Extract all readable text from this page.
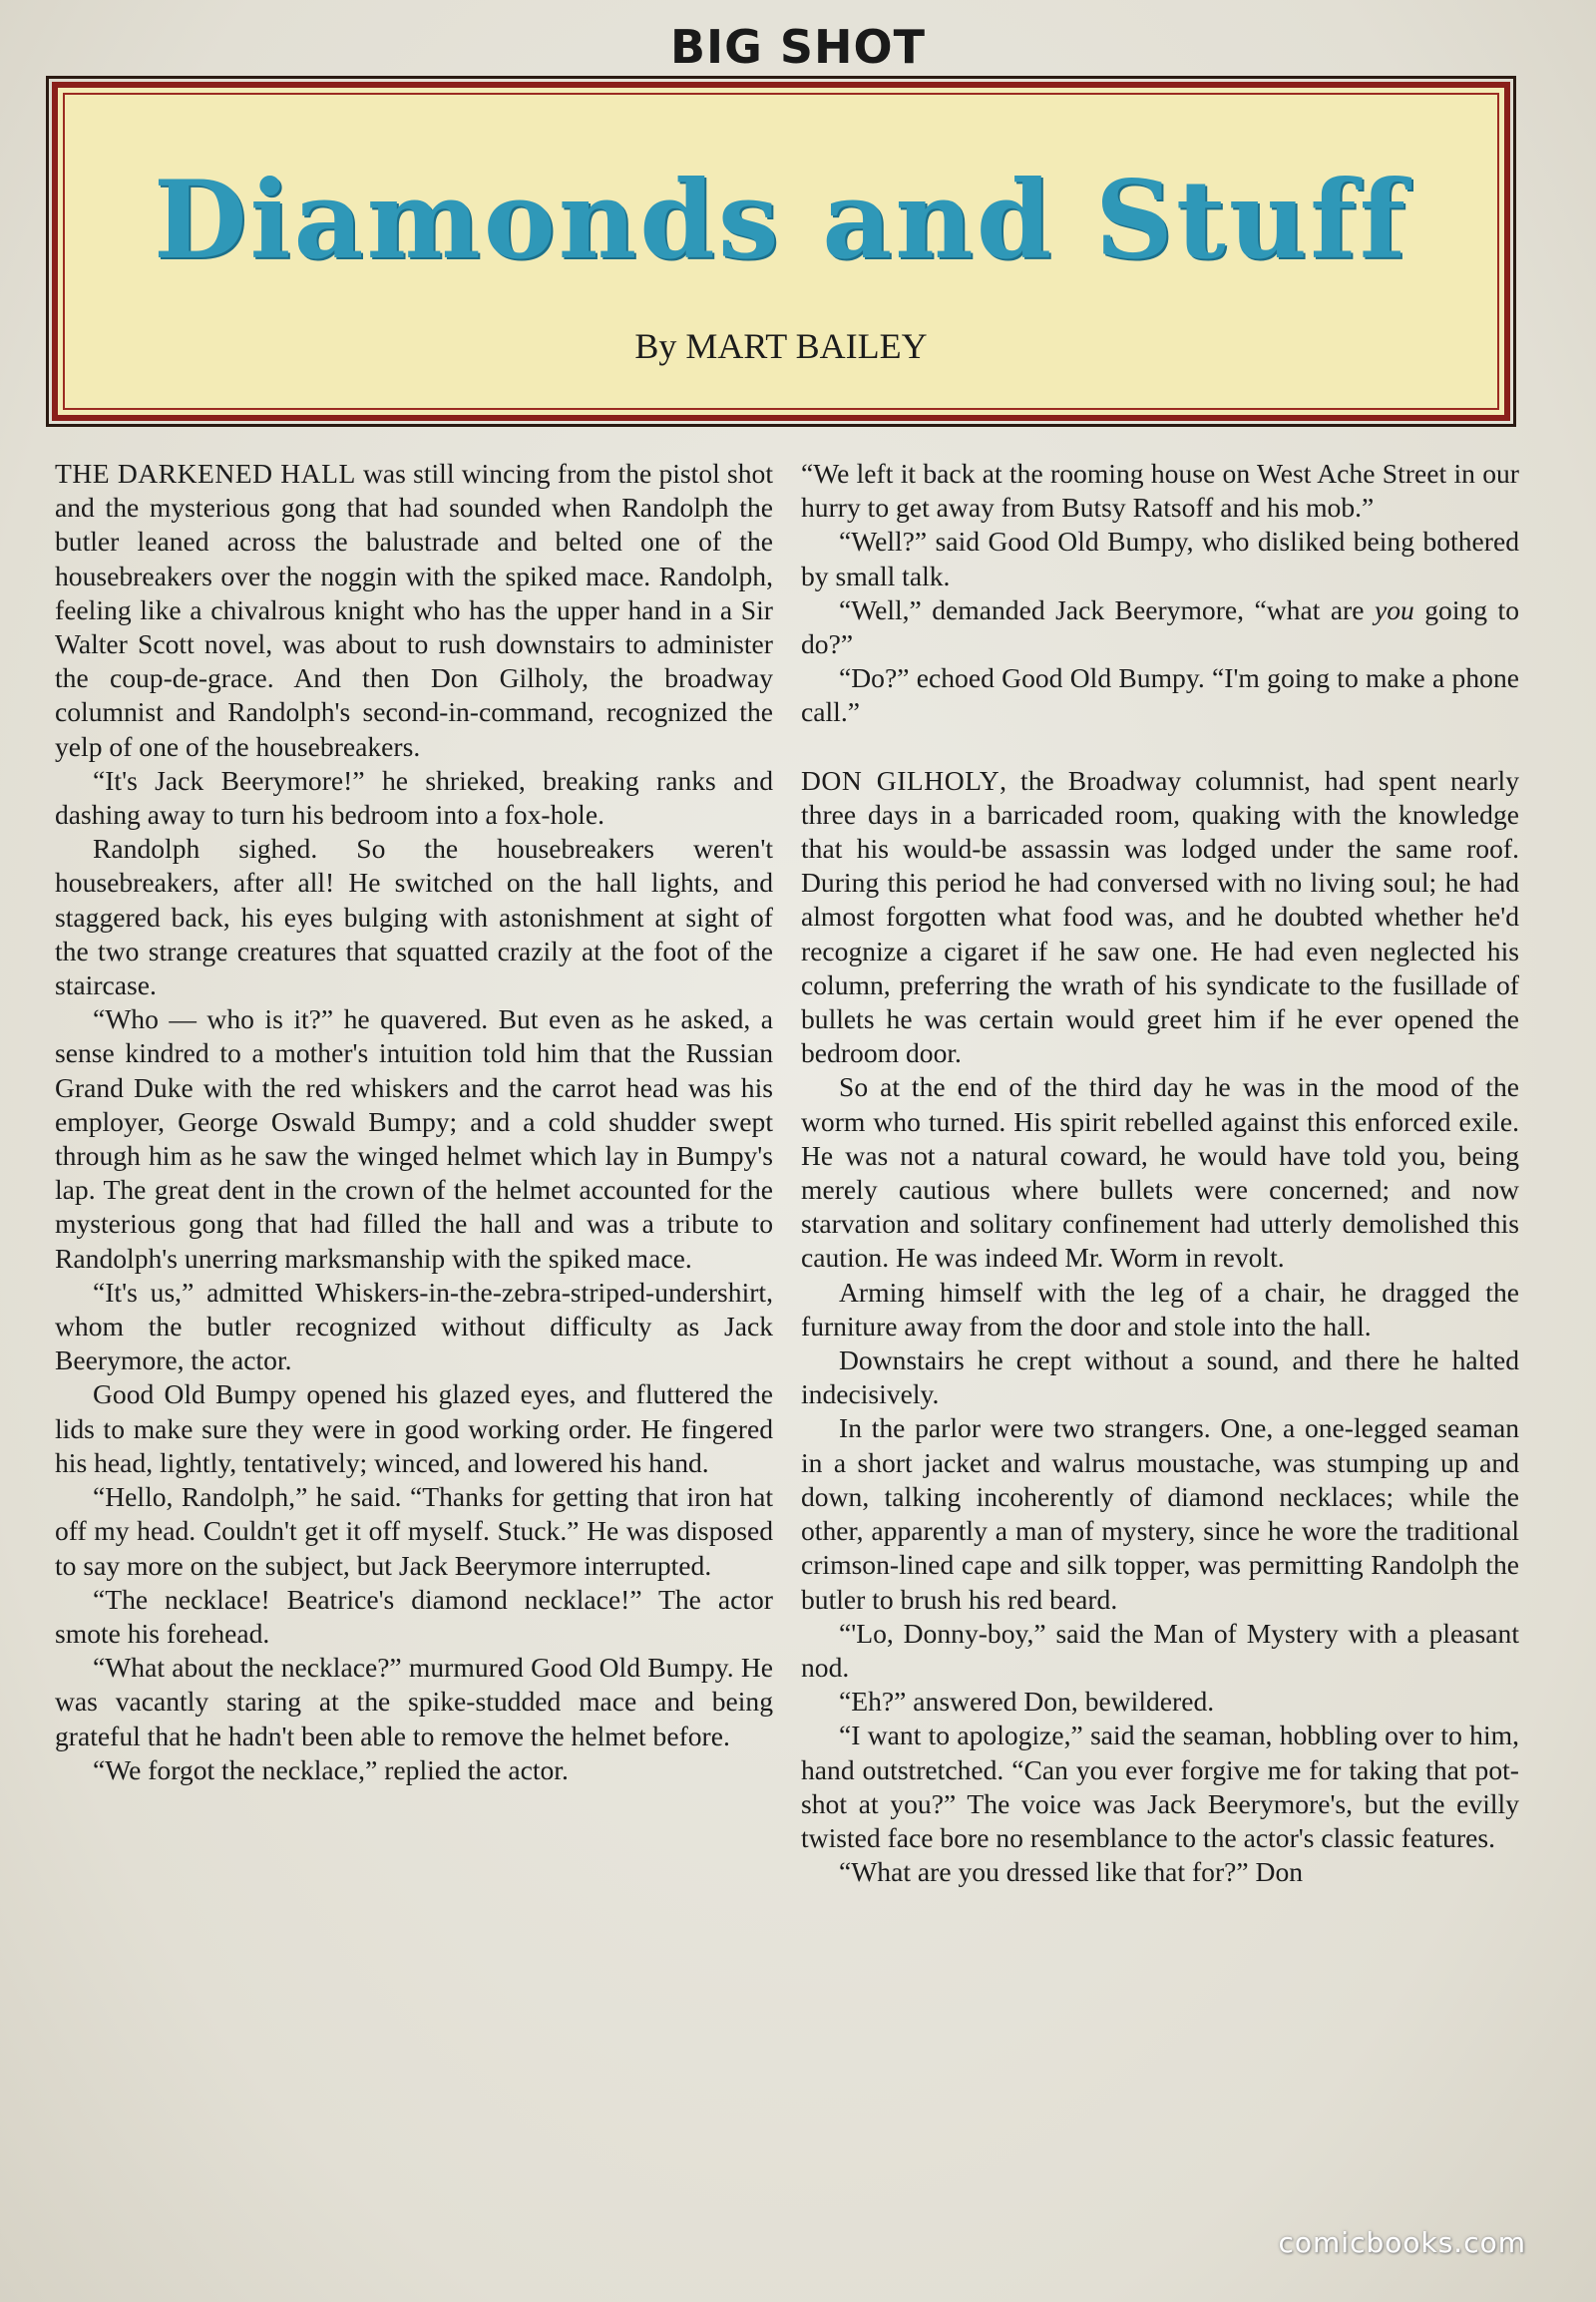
BIG SHOT
Diamonds and Stuff
By MART BAILEY

THE DARKENED HALL was still wincing from the pistol shot and the mysterious gong that had sounded when Randolph the butler leaned across the balustrade and belted one of the housebreakers over the noggin with the spiked mace. Randolph, feeling like a chivalrous knight who has the upper hand in a Sir Walter Scott novel, was about to rush downstairs to administer the coup-de-grace. And then Don Gilholy, the broadway columnist and Randolph's second-in-command, recognized the yelp of one of the housebreakers.

“It's Jack Beerymore!” he shrieked, breaking ranks and dashing away to turn his bedroom into a fox-hole.

Randolph sighed. So the housebreakers weren't housebreakers, after all! He switched on the hall lights, and staggered back, his eyes bulging with astonishment at sight of the two strange creatures that squatted crazily at the foot of the staircase.

“Who — who is it?” he quavered. But even as he asked, a sense kindred to a mother's intuition told him that the Russian Grand Duke with the red whiskers and the carrot head was his employer, George Oswald Bumpy; and a cold shudder swept through him as he saw the winged helmet which lay in Bumpy's lap. The great dent in the crown of the helmet accounted for the mysterious gong that had filled the hall and was a tribute to Randolph's unerring marksmanship with the spiked mace.

“It's us,” admitted Whiskers-in-the-zebra-striped-undershirt, whom the butler recognized without difficulty as Jack Beerymore, the actor.

Good Old Bumpy opened his glazed eyes, and fluttered the lids to make sure they were in good working order. He fingered his head, lightly, tentatively; winced, and lowered his hand.

“Hello, Randolph,” he said. “Thanks for getting that iron hat off my head. Couldn't get it off myself. Stuck.” He was disposed to say more on the subject, but Jack Beerymore interrupted.

“The necklace! Beatrice's diamond necklace!” The actor smote his forehead.

“What about the necklace?” murmured Good Old Bumpy. He was vacantly staring at the spike-studded mace and being grateful that he hadn't been able to remove the helmet before.

“We forgot the necklace,” replied the actor.

“We left it back at the rooming house on West Ache Street in our hurry to get away from Butsy Ratsoff and his mob.”

“Well?” said Good Old Bumpy, who disliked being bothered by small talk.

“Well,” demanded Jack Beerymore, “what are you going to do?”

“Do?” echoed Good Old Bumpy. “I'm going to make a phone call.”

DON GILHOLY, the Broadway columnist, had spent nearly three days in a barricaded room, quaking with the knowledge that his would-be assassin was lodged under the same roof. During this period he had conversed with no living soul; he had almost forgotten what food was, and he doubted whether he'd recognize a cigaret if he saw one. He had even neglected his column, preferring the wrath of his syndicate to the fusillade of bullets he was certain would greet him if he ever opened the bedroom door.

So at the end of the third day he was in the mood of the worm who turned. His spirit rebelled against this enforced exile. He was not a natural coward, he would have told you, being merely cautious where bullets were concerned; and now starvation and solitary confinement had utterly demolished this caution. He was indeed Mr. Worm in revolt.

Arming himself with the leg of a chair, he dragged the furniture away from the door and stole into the hall.

Downstairs he crept without a sound, and there he halted indecisively.

In the parlor were two strangers. One, a one-legged seaman in a short jacket and walrus moustache, was stumping up and down, talking incoherently of diamond necklaces; while the other, apparently a man of mystery, since he wore the traditional crimson-lined cape and silk topper, was permitting Randolph the butler to brush his red beard.

“'Lo, Donny-boy,” said the Man of Mystery with a pleasant nod.

“Eh?” answered Don, bewildered.

“I want to apologize,” said the seaman, hobbling over to him, hand outstretched. “Can you ever forgive me for taking that pot-shot at you?” The voice was Jack Beerymore's, but the evilly twisted face bore no resemblance to the actor's classic features.

“What are you dressed like that for?” Don

comicbooks.com
